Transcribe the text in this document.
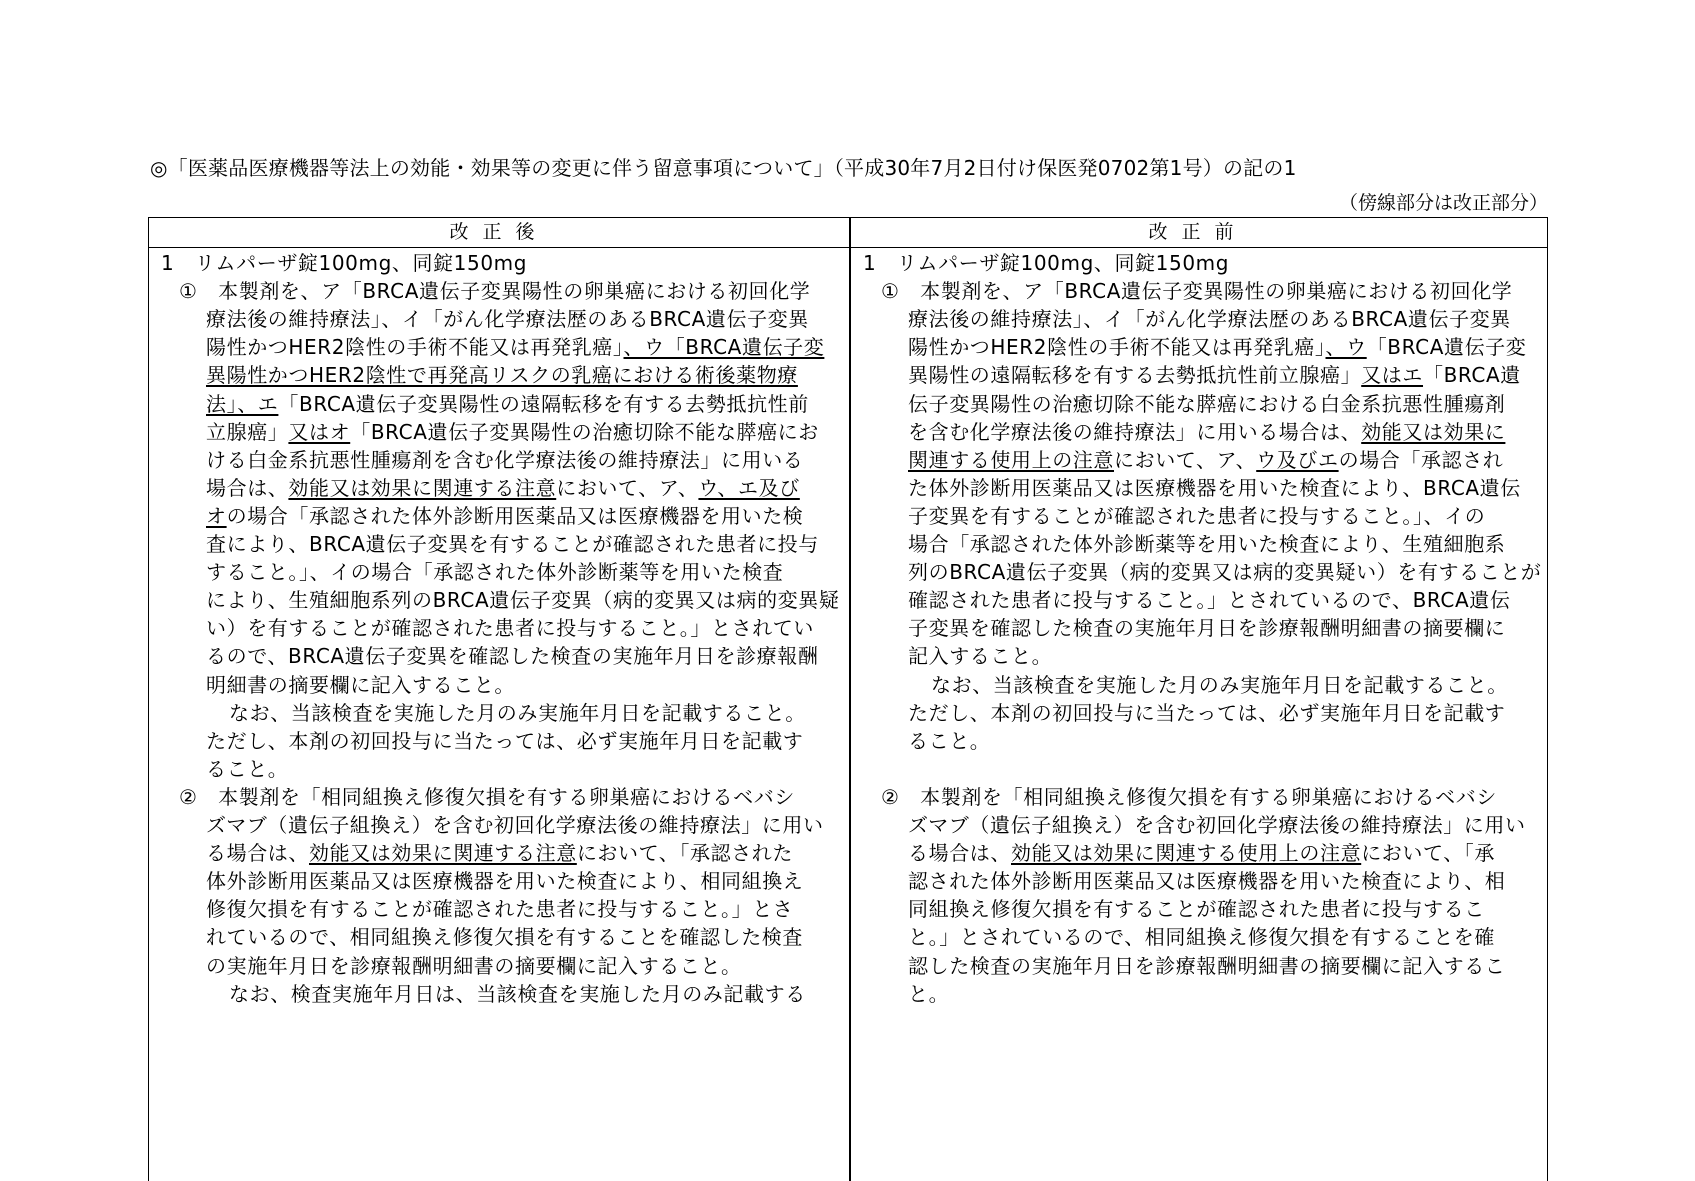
◎「医薬品医療機器等法上の効能・効果等の変更に伴う留意事項について」（平成30年7月2日付け保医発0702第1号）の記の1
（傍線部分は改正部分）
改正後	改正前
1　リムパーザ錠100mg、同錠150mg
①　本製剤を、ア「BRCA遺伝子変異陽性の卵巣癌における初回化学
療法後の維持療法」、イ「がん化学療法歴のあるBRCA遺伝子変異
陽性かつHER2陰性の手術不能又は再発乳癌」、ウ「BRCA遺伝子変
異陽性かつHER2陰性で再発高リスクの乳癌における術後薬物療
法」、エ「BRCA遺伝子変異陽性の遠隔転移を有する去勢抵抗性前
立腺癌」又はオ「BRCA遺伝子変異陽性の治癒切除不能な膵癌にお
ける白金系抗悪性腫瘍剤を含む化学療法後の維持療法」に用いる
場合は、効能又は効果に関連する注意において、ア、ウ、エ及び
オの場合「承認された体外診断用医薬品又は医療機器を用いた検
査により、BRCA遺伝子変異を有することが確認された患者に投与
すること。」、イの場合「承認された体外診断薬等を用いた検査
により、生殖細胞系列のBRCA遺伝子変異（病的変異又は病的変異疑
い）を有することが確認された患者に投与すること。」とされてい
るので、BRCA遺伝子変異を確認した検査の実施年月日を診療報酬
明細書の摘要欄に記入すること。
なお、当該検査を実施した月のみ実施年月日を記載すること。
ただし、本剤の初回投与に当たっては、必ず実施年月日を記載す
ること。
②　本製剤を「相同組換え修復欠損を有する卵巣癌におけるベバシ
ズマブ（遺伝子組換え）を含む初回化学療法後の維持療法」に用い
る場合は、効能又は効果に関連する注意において、「承認された
体外診断用医薬品又は医療機器を用いた検査により、相同組換え
修復欠損を有することが確認された患者に投与すること。」とさ
れているので、相同組換え修復欠損を有することを確認した検査
の実施年月日を診療報酬明細書の摘要欄に記入すること。
なお、検査実施年月日は、当該検査を実施した月のみ記載する
1　リムパーザ錠100mg、同錠150mg
①　本製剤を、ア「BRCA遺伝子変異陽性の卵巣癌における初回化学
療法後の維持療法」、イ「がん化学療法歴のあるBRCA遺伝子変異
陽性かつHER2陰性の手術不能又は再発乳癌」、ウ「BRCA遺伝子変
異陽性の遠隔転移を有する去勢抵抗性前立腺癌」又はエ「BRCA遺
伝子変異陽性の治癒切除不能な膵癌における白金系抗悪性腫瘍剤
を含む化学療法後の維持療法」に用いる場合は、効能又は効果に
関連する使用上の注意において、ア、ウ及びエの場合「承認され
た体外診断用医薬品又は医療機器を用いた検査により、BRCA遺伝
子変異を有することが確認された患者に投与すること。」、イの
場合「承認された体外診断薬等を用いた検査により、生殖細胞系
列のBRCA遺伝子変異（病的変異又は病的変異疑い）を有することが
確認された患者に投与すること。」とされているので、BRCA遺伝
子変異を確認した検査の実施年月日を診療報酬明細書の摘要欄に
記入すること。
なお、当該検査を実施した月のみ実施年月日を記載すること。
ただし、本剤の初回投与に当たっては、必ず実施年月日を記載す
ること。
②　本製剤を「相同組換え修復欠損を有する卵巣癌におけるベバシ
ズマブ（遺伝子組換え）を含む初回化学療法後の維持療法」に用い
る場合は、効能又は効果に関連する使用上の注意において、「承
認された体外診断用医薬品又は医療機器を用いた検査により、相
同組換え修復欠損を有することが確認された患者に投与するこ
と。」とされているので、相同組換え修復欠損を有することを確
認した検査の実施年月日を診療報酬明細書の摘要欄に記入するこ
と。
